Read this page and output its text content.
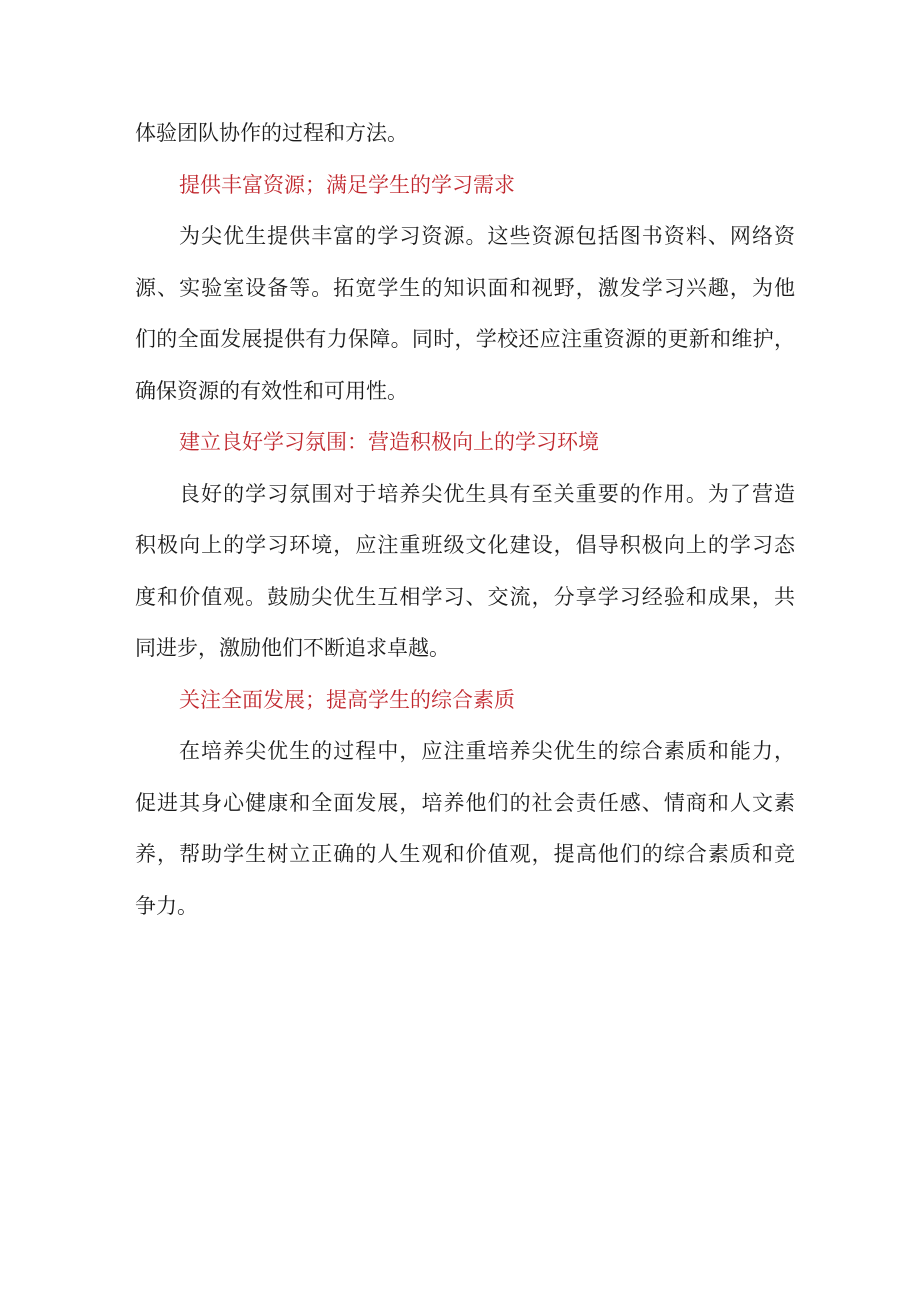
体验团队协作的过程和方法。
提供丰富资源；满足学生的学习需求
为尖优生提供丰富的学习资源。这些资源包括图书资料、网络资
源、实验室设备等。拓宽学生的知识面和视野，激发学习兴趣，为他
们的全面发展提供有力保障。同时，学校还应注重资源的更新和维护，
确保资源的有效性和可用性。
建立良好学习氛围：营造积极向上的学习环境
良好的学习氛围对于培养尖优生具有至关重要的作用。为了营造
积极向上的学习环境，应注重班级文化建设，倡导积极向上的学习态
度和价值观。鼓励尖优生互相学习、交流，分享学习经验和成果，共
同进步，激励他们不断追求卓越。
关注全面发展；提高学生的综合素质
在培养尖优生的过程中，应注重培养尖优生的综合素质和能力，
促进其身心健康和全面发展，培养他们的社会责任感、情商和人文素
养，帮助学生树立正确的人生观和价值观，提高他们的综合素质和竞
争力。
